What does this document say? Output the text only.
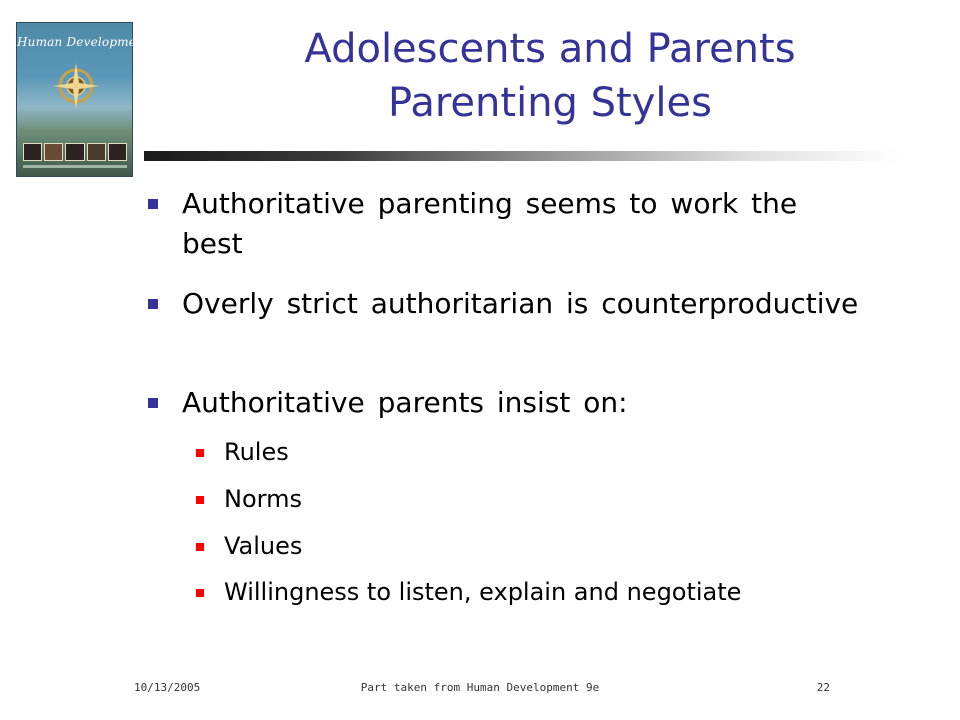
Human Development	Adolescents and Parents
Parenting Styles
Authoritative parenting seems to work the best
Overly strict authoritarian is counterproductive
Authoritative parents insist on:
Rules
Norms
Values
Willingness to listen, explain and negotiate
10/13/2005	Part taken from Human Development 9e	22
